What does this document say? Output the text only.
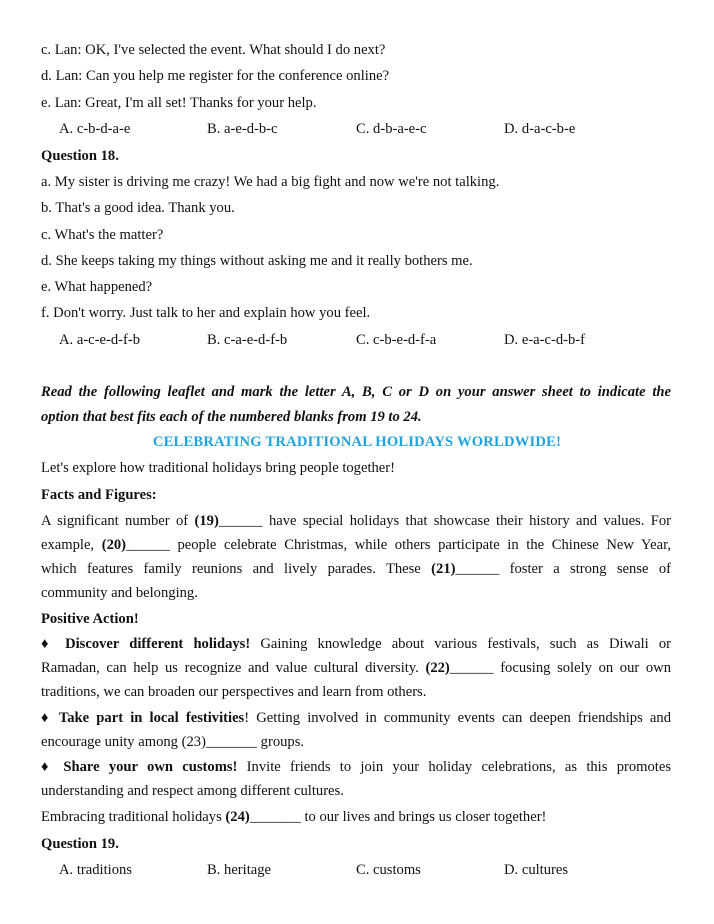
c. Lan: OK, I've selected the event. What should I do next?
d. Lan: Can you help me register for the conference online?
e. Lan: Great, I'm all set! Thanks for your help.
A. c-b-d-a-e	B. a-e-d-b-c	C. d-b-a-e-c	D. d-a-c-b-e
Question 18.
a. My sister is driving me crazy! We had a big fight and now we're not talking.
b. That's a good idea. Thank you.
c. What's the matter?
d. She keeps taking my things without asking me and it really bothers me.
e. What happened?
f. Don't worry. Just talk to her and explain how you feel.
A. a-c-e-d-f-b	B. c-a-e-d-f-b	C. c-b-e-d-f-a	D. e-a-c-d-b-f
Read the following leaflet and mark the letter A, B, C or D on your answer sheet to indicate the
option that best fits each of the numbered blanks from 19 to 24.
CELEBRATING TRADITIONAL HOLIDAYS WORLDWIDE!
Let's explore how traditional holidays bring people together!
Facts and Figures:
A significant number of (19)______ have special holidays that showcase their history and values. For
example, (20)______ people celebrate Christmas, while others participate in the Chinese New Year,
which features family reunions and lively parades. These (21)______ foster a strong sense of
community and belonging.
Positive Action!
♦ Discover different holidays! Gaining knowledge about various festivals, such as Diwali or
Ramadan, can help us recognize and value cultural diversity. (22)______ focusing solely on our own
traditions, we can broaden our perspectives and learn from others.
♦ Take part in local festivities! Getting involved in community events can deepen friendships and
encourage unity among (23)_______ groups.
♦ Share your own customs! Invite friends to join your holiday celebrations, as this promotes
understanding and respect among different cultures.
Embracing traditional holidays (24)_______ to our lives and brings us closer together!
Question 19.
A. traditions	B. heritage	C. customs	D. cultures
